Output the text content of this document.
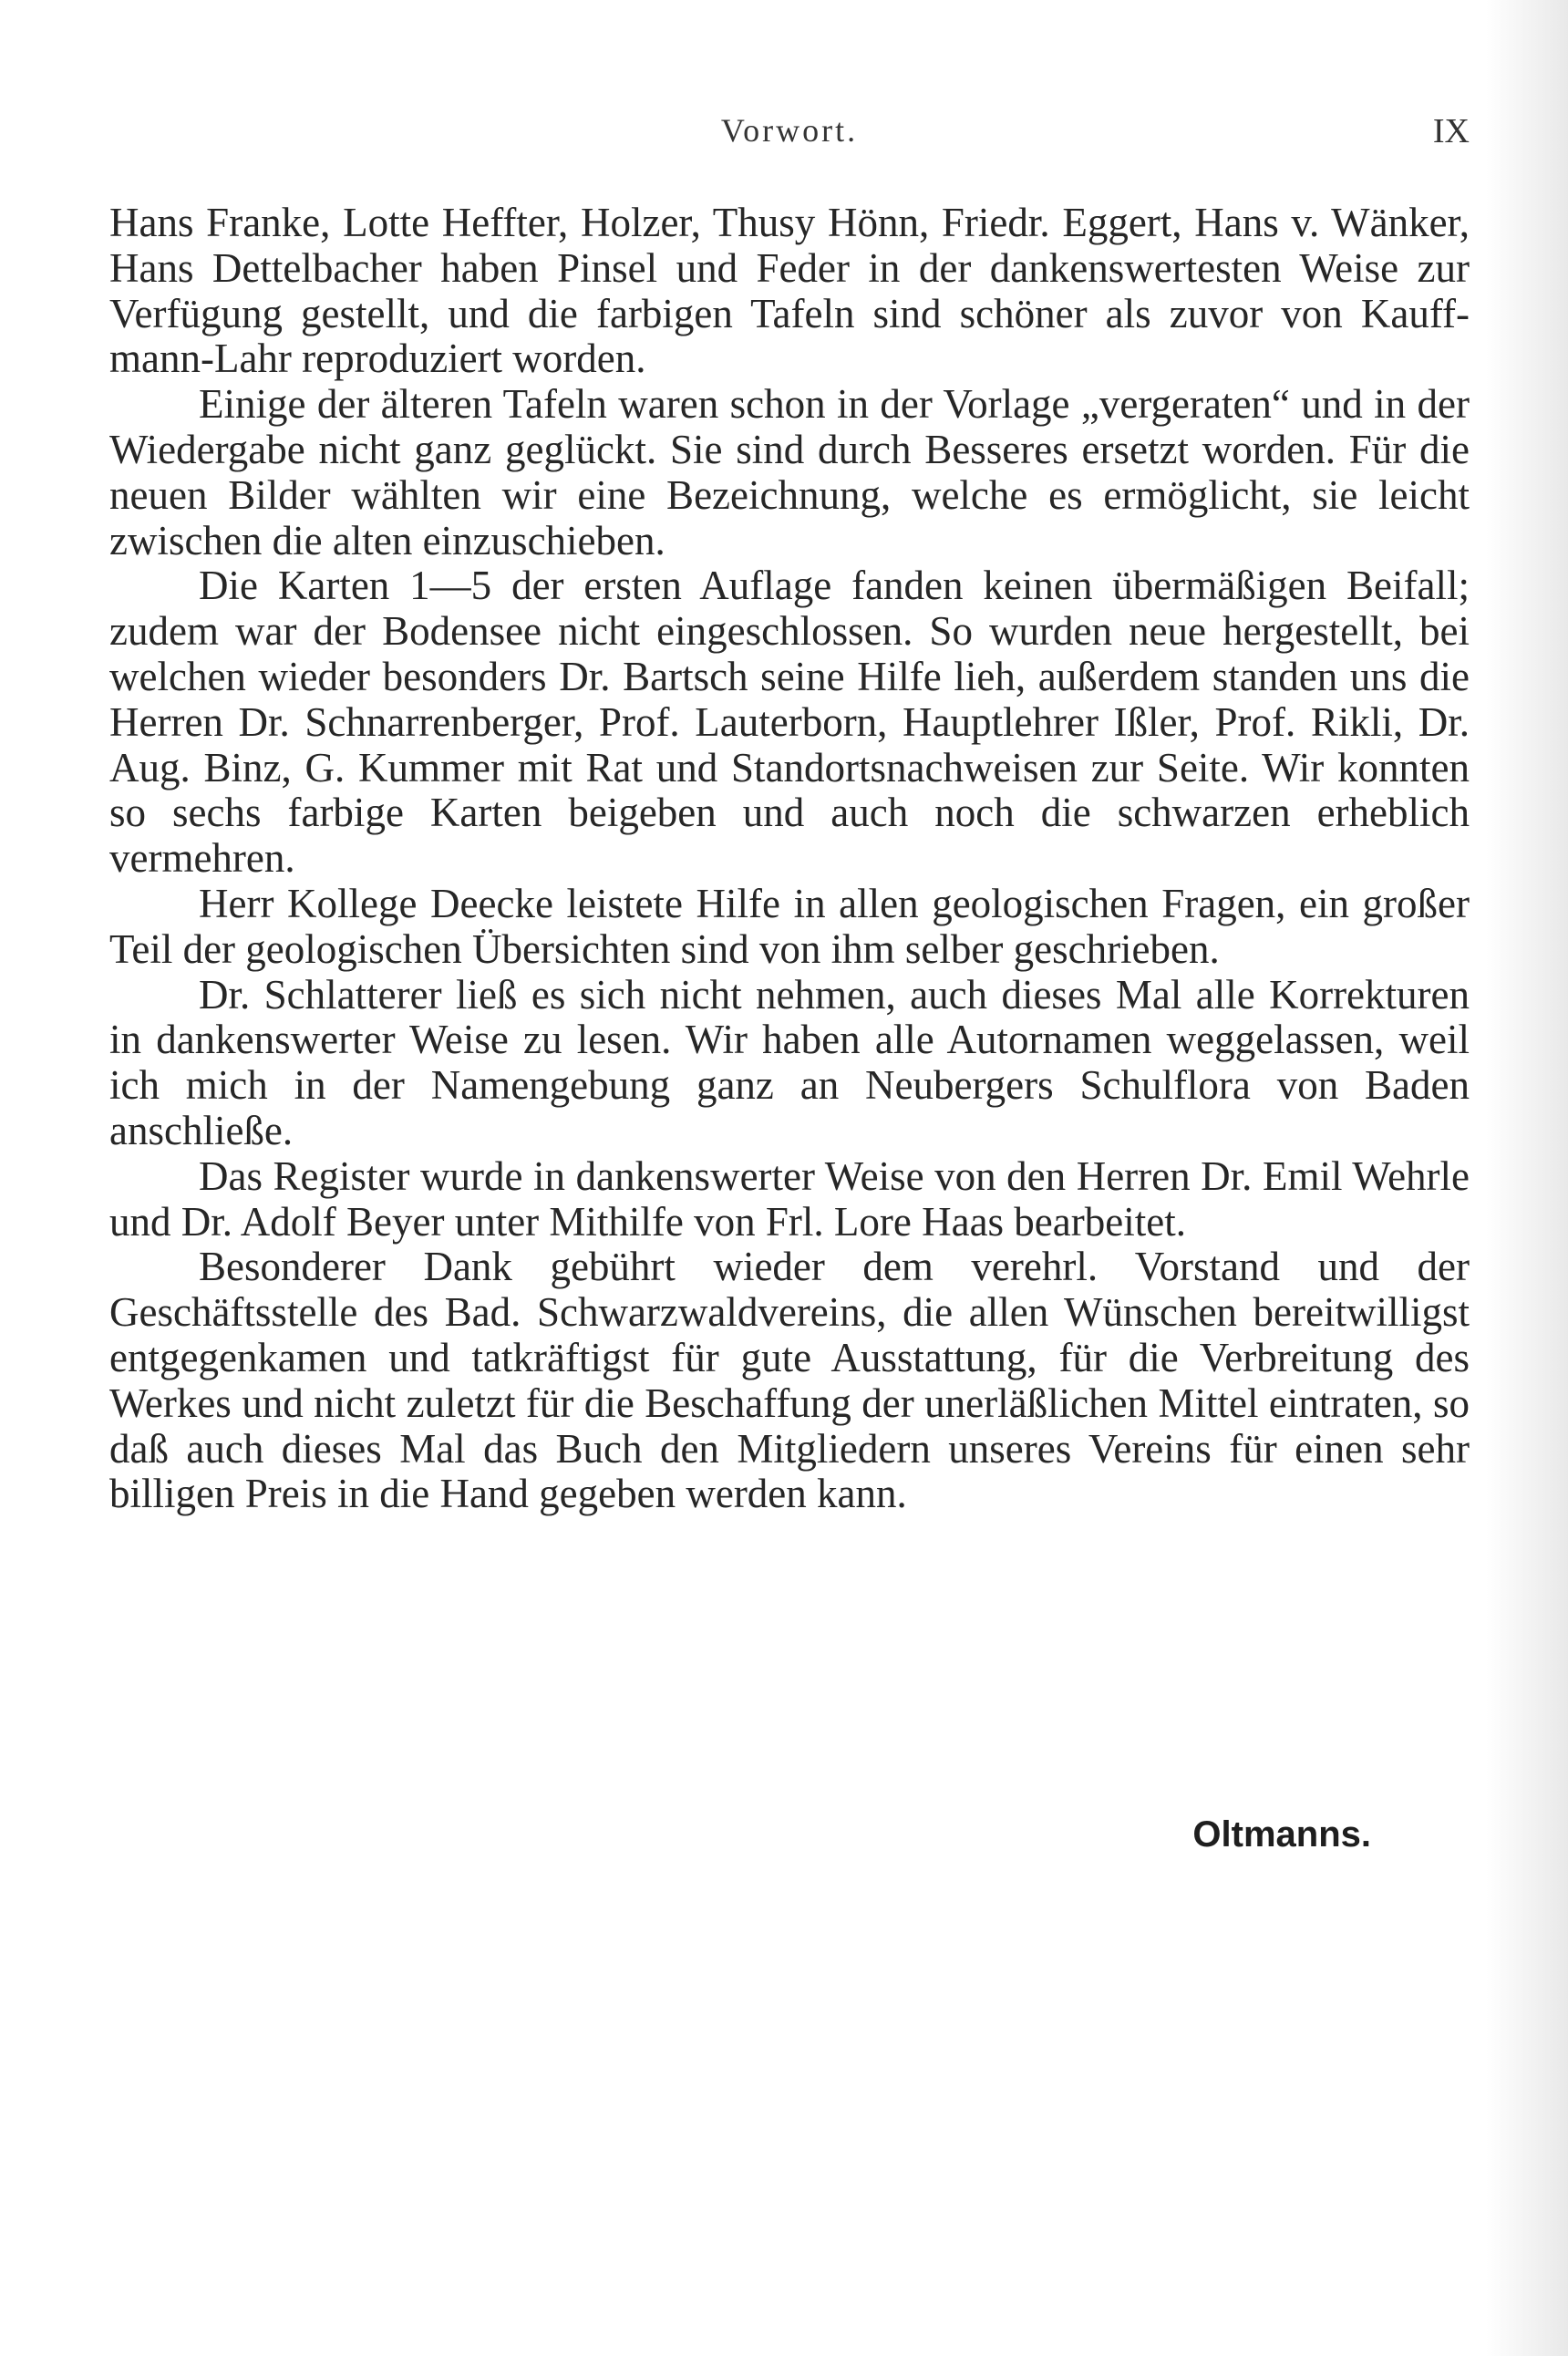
Vorwort.	IX

Hans Franke, Lotte Heffter, Holzer, Thusy Hönn, Friedr. Eggert, Hans v. Wänker, Hans Dettelbacher haben Pinsel und Feder in der dankenswertesten Weise zur Verfügung gestellt, und die farbigen Tafeln sind schöner als zuvor von Kauff mann-Lahr reproduziert worden.

Einige der älteren Tafeln waren schon in der Vorlage „vergeraten“ und in der Wiedergabe nicht ganz geglückt. Sie sind durch Besseres ersetzt worden. Für die neuen Bilder wählten wir eine Bezeichnung, welche es ermöglicht, sie leicht zwischen die alten einzuschieben.

Die Karten 1—5 der ersten Auflage fanden keinen übermäßigen Beifall; zudem war der Bodensee nicht eingeschlossen. So wurden neue hergestellt, bei welchen wieder besonders Dr. Bartsch seine Hilfe lieh, außerdem standen uns die Herren Dr. Schnarrenberger, Prof. Lauterborn, Hauptlehrer Ißler, Prof. Rikli, Dr. Aug. Binz, G. Kummer mit Rat und Standortsnachweisen zur Seite. Wir konnten so sechs farbige Karten beigeben und auch noch die schwarzen erheblich vermehren.

Herr Kollege Deecke leistete Hilfe in allen geologischen Fragen, ein großer Teil der geologischen Übersichten sind von ihm selber geschrieben.

Dr. Schlatterer ließ es sich nicht nehmen, auch dieses Mal alle Korrekturen in dankenswerter Weise zu lesen. Wir haben alle Autornamen weggelassen, weil ich mich in der Namengebung ganz an Neubergers Schulflora von Baden anschließe.

Das Register wurde in dankenswerter Weise von den Herren Dr. Emil Wehrle und Dr. Adolf Beyer unter Mithilfe von Frl. Lore Haas bearbeitet.

Besonderer Dank gebührt wieder dem verehrl. Vorstand und der Geschäftsstelle des Bad. Schwarzwaldvereins, die allen Wünschen bereitwilligst entgegenkamen und tatkräftigst für gute Ausstattung, für die Verbreitung des Werkes und nicht zuletzt für die Beschaffung der unerläßlichen Mittel eintraten, so daß auch dieses Mal das Buch den Mitgliedern unseres Vereins für einen sehr billigen Preis in die Hand gegeben werden kann.

Oltmanns.
